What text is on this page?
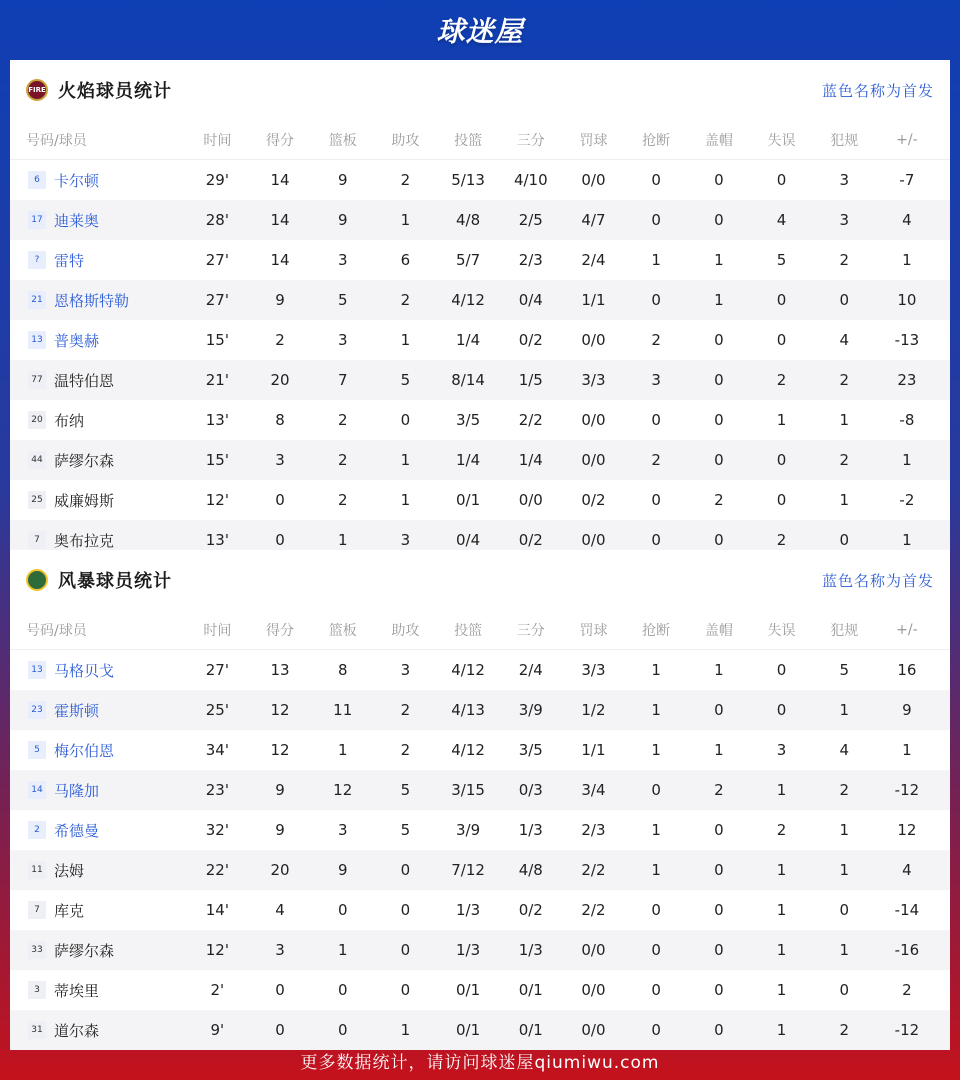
球迷屋
FIRE 火焰球员统计	蓝色名称为首发
号码/球员	时间	得分	篮板	助攻	投篮	三分	罚球	抢断	盖帽	失误	犯规	+/-
6 卡尔顿	29'	14	9	2	5/13	4/10	0/0	0	0	0	3	-7
17 迪莱奥	28'	14	9	1	4/8	2/5	4/7	0	0	4	3	4
? 雷特	27'	14	3	6	5/7	2/3	2/4	1	1	5	2	1
21 恩格斯特勒	27'	9	5	2	4/12	0/4	1/1	0	1	0	0	10
13 普奥赫	15'	2	3	1	1/4	0/2	0/0	2	0	0	4	-13
77 温特伯恩	21'	20	7	5	8/14	1/5	3/3	3	0	2	2	23
20 布纳	13'	8	2	0	3/5	2/2	0/0	0	0	1	1	-8
44 萨缪尔森	15'	3	2	1	1/4	1/4	0/0	2	0	0	2	1
25 威廉姆斯	12'	0	2	1	0/1	0/0	0/2	0	2	0	1	-2
7 奥布拉克	13'	0	1	3	0/4	0/2	0/0	0	0	2	0	1
风暴球员统计	蓝色名称为首发
号码/球员	时间	得分	篮板	助攻	投篮	三分	罚球	抢断	盖帽	失误	犯规	+/-
13 马格贝戈	27'	13	8	3	4/12	2/4	3/3	1	1	0	5	16
23 霍斯顿	25'	12	11	2	4/13	3/9	1/2	1	0	0	1	9
5 梅尔伯恩	34'	12	1	2	4/12	3/5	1/1	1	1	3	4	1
14 马隆加	23'	9	12	5	3/15	0/3	3/4	0	2	1	2	-12
2 希德曼	32'	9	3	5	3/9	1/3	2/3	1	0	2	1	12
11 法姆	22'	20	9	0	7/12	4/8	2/2	1	0	1	1	4
7 库克	14'	4	0	0	1/3	0/2	2/2	0	0	1	0	-14
33 萨缪尔森	12'	3	1	0	1/3	1/3	0/0	0	0	1	1	-16
3 蒂埃里	2'	0	0	0	0/1	0/1	0/0	0	0	1	0	2
31 道尔森	9'	0	0	1	0/1	0/1	0/0	0	0	1	2	-12
更多数据统计，请访问球迷屋qiumiwu.com
